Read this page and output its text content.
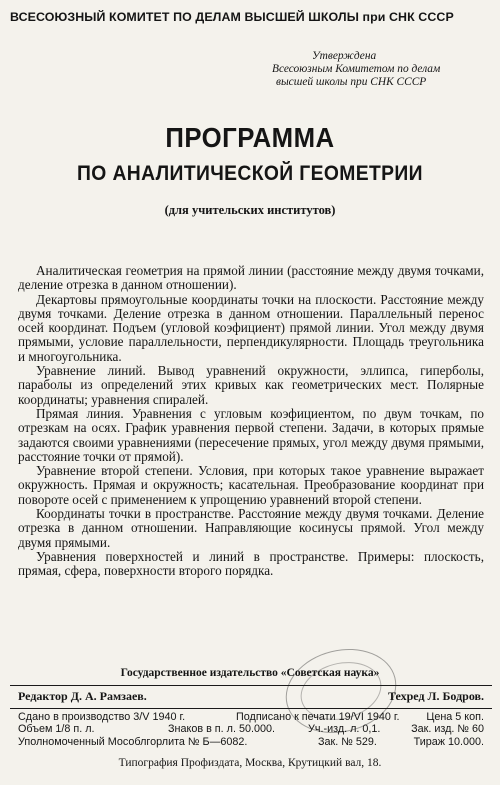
ВСЕСОЮЗНЫЙ КОМИТЕТ ПО ДЕЛАМ ВЫСШЕЙ ШКОЛЫ при СНК СССР
Утверждена
Всесоюзным Комитетом по делам
высшей школы при СНК СССР
ПРОГРАММА
ПО АНАЛИТИЧЕСКОЙ ГЕОМЕТРИИ
(для учительских институтов)

Аналитическая геометрия на прямой линии (расстояние между двумя точками, деление отрезка в данном отношении).

Декартовы прямоугольные координаты точки на плоскости. Расстояние между двумя точками. Деление отрезка в данном отношении. Параллельный перенос осей координат. Подъем (угловой коэфициент) прямой линии. Угол между двумя прямыми, условие параллельности, перпендикулярности. Площадь треугольника и многоугольника.

Уравнение линий. Вывод уравнений окружности, эллипса, гиперболы, параболы из определений этих кривых как геометрических мест. Полярные координаты; уравнения спиралей.

Прямая линия. Уравнения с угловым коэфициентом, по двум точкам, по отрезкам на осях. График уравнения первой степени. Задачи, в которых прямые задаются своими уравнениями (пересечение прямых, угол между двумя прямыми, расстояние точки от прямой).

Уравнение второй степени. Условия, при которых такое уравнение выражает окружность. Прямая и окружность; касательная. Преобразование координат при повороте осей с применением к упрощению уравнений второй степени.

Координаты точки в пространстве. Расстояние между двумя точками. Деление отрезка в данном отношении. Направляющие косинусы прямой. Угол между двумя прямыми.

Уравнения поверхностей и линий в пространстве. Примеры: плоскость, прямая, сфера, поверхности второго порядка.

Государственное издательство «Советская наука»
Редактор Д. А. Рамзаев.	Техред Л. Бодров.
Сдано в производство 3/V 1940 г.	Подписано к печати 19/VI 1940 г. Цена 5 коп.
Объем 1/8 п. л.	Знаков в п. л. 50.000.	Уч.-изд. л. 0,1.	Зак. изд. № 60
Уполномоченный Мособлгорлита № Б—6082.	Зак. № 529.	Тираж 10.000.
Типография Профиздата, Москва, Крутицкий вал, 18.
